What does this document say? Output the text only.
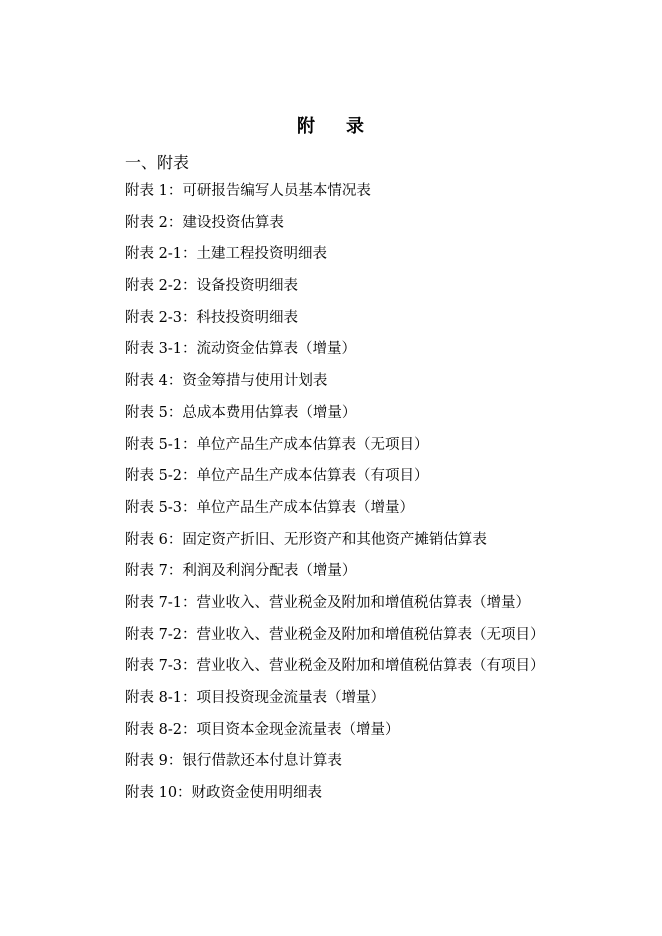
附 录
一、附表
附表 1：可研报告编写人员基本情况表
附表 2：建设投资估算表
附表 2-1：土建工程投资明细表
附表 2-2：设备投资明细表
附表 2-3：科技投资明细表
附表 3-1：流动资金估算表（增量）
附表 4：资金筹措与使用计划表
附表 5：总成本费用估算表（增量）
附表 5-1：单位产品生产成本估算表（无项目）
附表 5-2：单位产品生产成本估算表（有项目）
附表 5-3：单位产品生产成本估算表（增量）
附表 6：固定资产折旧、无形资产和其他资产摊销估算表
附表 7：利润及利润分配表（增量）
附表 7-1：营业收入、营业税金及附加和增值税估算表（增量）
附表 7-2：营业收入、营业税金及附加和增值税估算表（无项目）
附表 7-3：营业收入、营业税金及附加和增值税估算表（有项目）
附表 8-1：项目投资现金流量表（增量）
附表 8-2：项目资本金现金流量表（增量）
附表 9：银行借款还本付息计算表
附表 10：财政资金使用明细表
